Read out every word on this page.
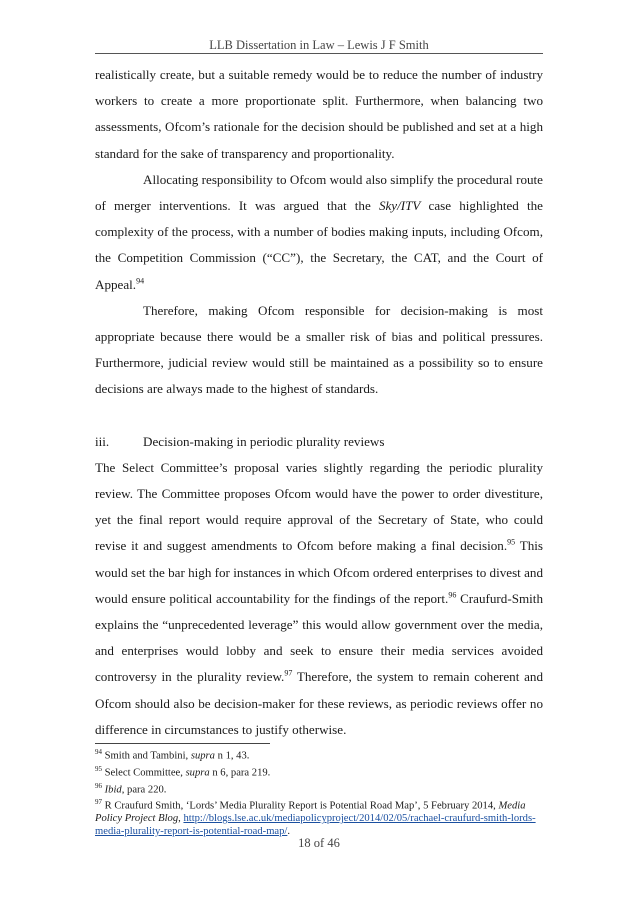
LLB Dissertation in Law – Lewis J F Smith

realistically create, but a suitable remedy would be to reduce the number of industry workers to create a more proportionate split. Furthermore, when balancing two assessments, Ofcom’s rationale for the decision should be published and set at a high standard for the sake of transparency and proportionality.

Allocating responsibility to Ofcom would also simplify the procedural route of merger interventions. It was argued that the Sky/ITV case highlighted the complexity of the process, with a number of bodies making inputs, including Ofcom, the Competition Commission (“CC”), the Secretary, the CAT, and the Court of Appeal.$^{94}$

Therefore, making Ofcom responsible for decision-making is most appropriate because there would be a smaller risk of bias and political pressures. Furthermore, judicial review would still be maintained as a possibility so to ensure decisions are always made to the highest of standards.

iii.	Decision-making in periodic plurality reviews

The Select Committee’s proposal varies slightly regarding the periodic plurality review. The Committee proposes Ofcom would have the power to order divestiture, yet the final report would require approval of the Secretary of State, who could revise it and suggest amendments to Ofcom before making a final decision.$^{95}$ This would set the bar high for instances in which Ofcom ordered enterprises to divest and would ensure political accountability for the findings of the report.$^{96}$ Craufurd-Smith explains the “unprecedented leverage” this would allow government over the media, and enterprises would lobby and seek to ensure their media services avoided controversy in the plurality review.$^{97}$ Therefore, the system to remain coherent and Ofcom should also be decision-maker for these reviews, as periodic reviews offer no difference in circumstances to justify otherwise.

$^{94}$ Smith and Tambini, supra n 1, 43.

$^{95}$ Select Committee, supra n 6, para 219.

$^{96}$ Ibid, para 220.

$^{97}$ R Craufurd Smith, ‘Lords’ Media Plurality Report is Potential Road Map’, 5 February 2014, Media Policy Project Blog, http://blogs.lse.ac.uk/mediapolicyproject/2014/02/05/rachael-craufurd-smith-lords-media-plurality-report-is-potential-road-map/.

18 of 46
